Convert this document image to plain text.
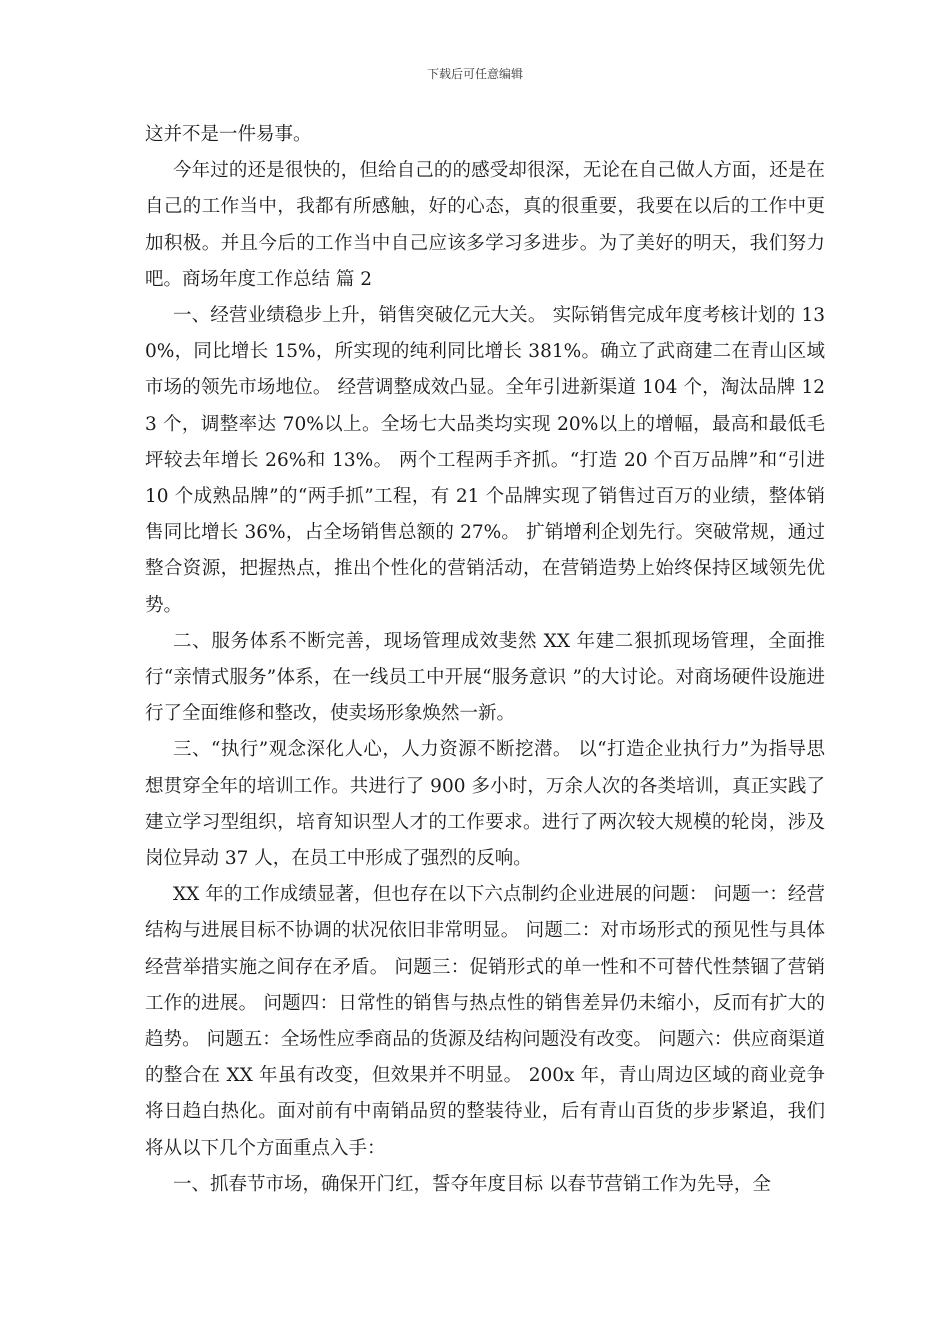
下载后可任意编辑

这并不是一件易事。

今年过的还是很快的，但给自己的的感受却很深，无论在自己做人方面，还是在自己的工作当中，我都有所感触，好的心态，真的很重要，我要在以后的工作中更加积极。并且今后的工作当中自己应该多学习多进步。为了美好的明天，我们努力吧。商场年度工作总结 篇 2

一、经营业绩稳步上升，销售突破亿元大关。 实际销售完成年度考核计划的 130%，同比增长 15%，所实现的纯利同比增长 381%。确立了武商建二在青山区域市场的领先市场地位。 经营调整成效凸显。全年引进新渠道 104 个，淘汰品牌 123 个，调整率达 70%以上。全场七大品类均实现 20%以上的增幅，最高和最低毛坪较去年增长 26%和 13%。 两个工程两手齐抓。“打造 20 个百万品牌”和“引进 10 个成熟品牌”的“两手抓”工程，有 21 个品牌实现了销售过百万的业绩，整体销售同比增长 36%，占全场销售总额的 27%。 扩销增利企划先行。突破常规，通过整合资源，把握热点，推出个性化的营销活动，在营销造势上始终保持区域领先优势。

二、服务体系不断完善，现场管理成效斐然 XX 年建二狠抓现场管理，全面推行“亲情式服务”体系，在一线员工中开展“服务意识 ”的大讨论。对商场硬件设施进行了全面维修和整改，使卖场形象焕然一新。

三、“执行”观念深化人心，人力资源不断挖潜。 以“打造企业执行力”为指导思想贯穿全年的培训工作。共进行了 900 多小时，万余人次的各类培训，真正实践了建立学习型组织，培育知识型人才的工作要求。进行了两次较大规模的轮岗，涉及岗位异动 37 人，在员工中形成了强烈的反响。

XX 年的工作成绩显著，但也存在以下六点制约企业进展的问题： 问题一：经营结构与进展目标不协调的状况依旧非常明显。 问题二：对市场形式的预见性与具体经营举措实施之间存在矛盾。 问题三：促销形式的单一性和不可替代性禁锢了营销工作的进展。 问题四：日常性的销售与热点性的销售差异仍未缩小，反而有扩大的趋势。 问题五：全场性应季商品的货源及结构问题没有改变。 问题六：供应商渠道的整合在 XX 年虽有改变，但效果并不明显。 200x 年，青山周边区域的商业竞争将日趋白热化。面对前有中南销品贸的整装待业，后有青山百货的步步紧追，我们将从以下几个方面重点入手：

一、抓春节市场，确保开门红，誓夺年度目标 以春节营销工作为先导，全
